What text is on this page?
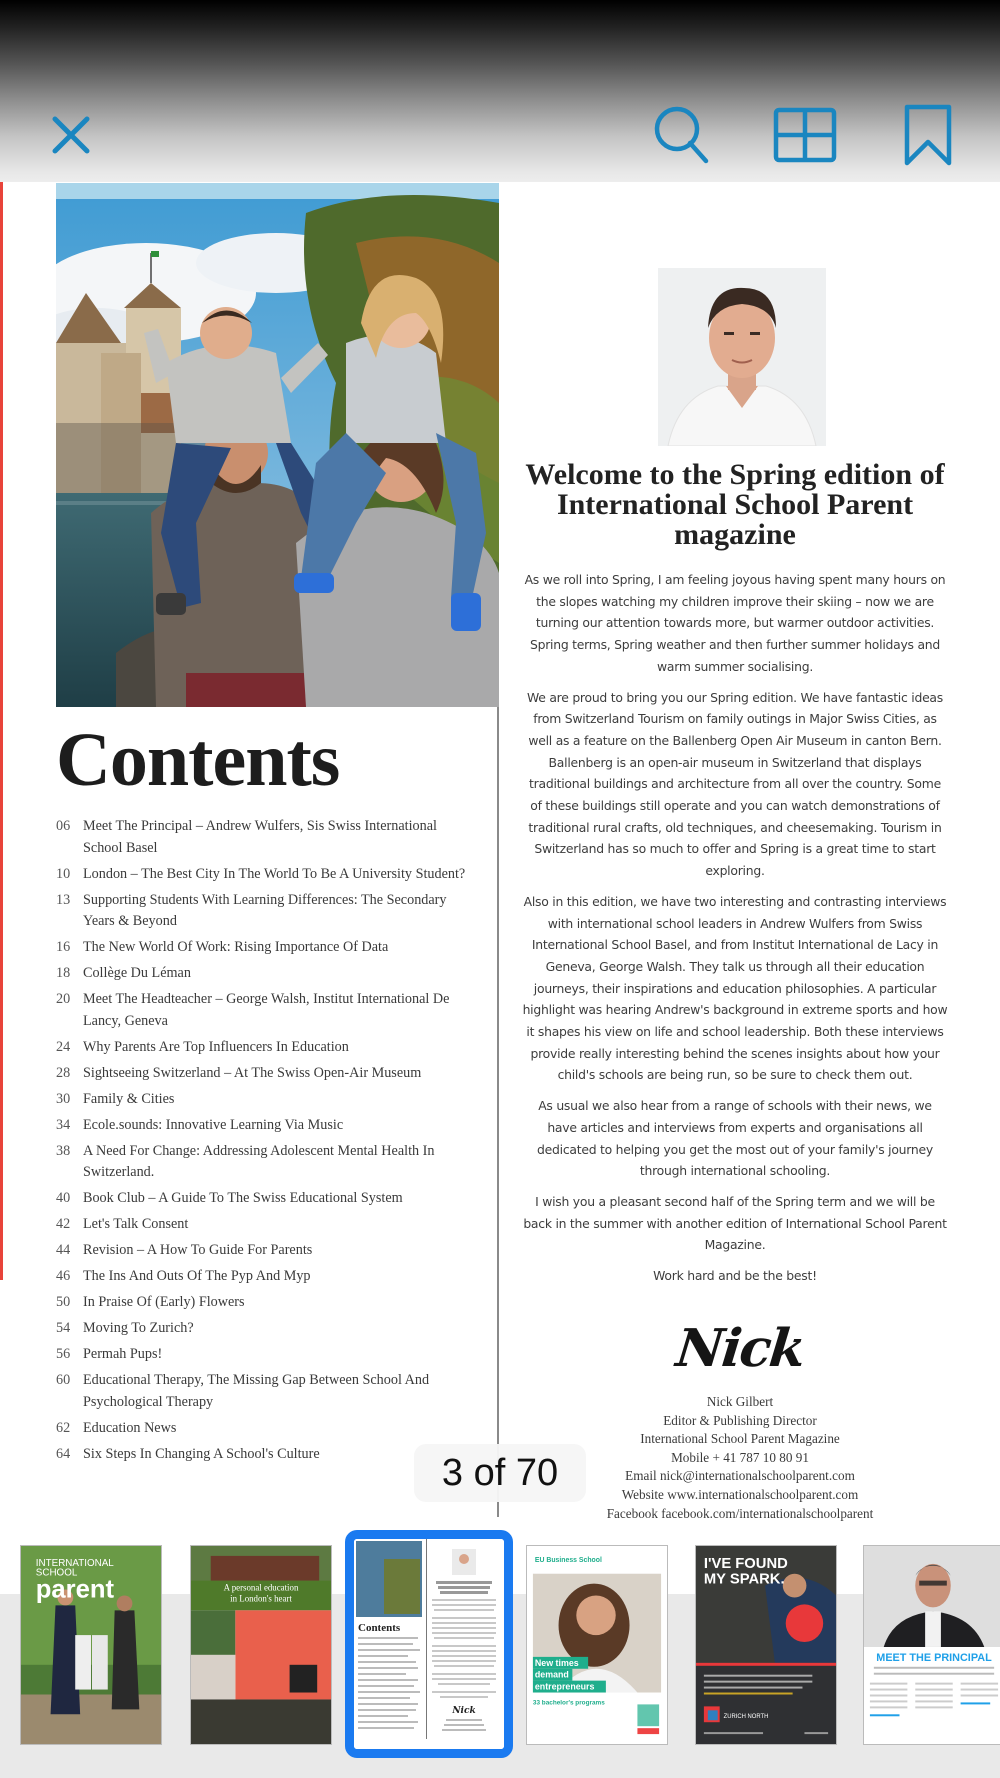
Contents
06 Meet The Principal – Andrew Wulfers, Sis Swiss International School Basel
10 London – The Best City In The World To Be A University Student?
13 Supporting Students With Learning Differences: The Secondary Years & Beyond
16 The New World Of Work: Rising Importance Of Data
18 Collège Du Léman
20 Meet The Headteacher – George Walsh, Institut International De Lancy, Geneva
24 Why Parents Are Top Influencers In Education
28 Sightseeing Switzerland – At The Swiss Open-Air Museum
30 Family & Cities
34 Ecole.sounds: Innovative Learning Via Music
38 A Need For Change: Addressing Adolescent Mental Health In Switzerland.
40 Book Club – A Guide To The Swiss Educational System
42 Let's Talk Consent
44 Revision – A How To Guide For Parents
46 The Ins And Outs Of The Pyp And Myp
50 In Praise Of (Early) Flowers
54 Moving To Zurich?
56 Permah Pups!
60 Educational Therapy, The Missing Gap Between School And Psychological Therapy
62 Education News
64 Six Steps In Changing A School's Culture
Welcome to the Spring edition of International School Parent magazine

As we roll into Spring, I am feeling joyous having spent many hours on the slopes watching my children improve their skiing – now we are turning our attention towards more, but warmer outdoor activities. Spring terms, Spring weather and then further summer holidays and warm summer socialising.

We are proud to bring you our Spring edition. We have fantastic ideas from Switzerland Tourism on family outings in Major Swiss Cities, as well as a feature on the Ballenberg Open Air Museum in canton Bern. Ballenberg is an open-air museum in Switzerland that displays traditional buildings and architecture from all over the country. Some of these buildings still operate and you can watch demonstrations of traditional rural crafts, old techniques, and cheesemaking. Tourism in Switzerland has so much to offer and Spring is a great time to start exploring.

Also in this edition, we have two interesting and contrasting interviews with international school leaders in Andrew Wulfers from Swiss International School Basel, and from Institut International de Lacy in Geneva, George Walsh. They talk us through all their education journeys, their inspirations and education philosophies. A particular highlight was hearing Andrew's background in extreme sports and how it shapes his view on life and school leadership. Both these interviews provide really interesting behind the scenes insights about how your child's schools are being run, so be sure to check them out.

As usual we also hear from a range of schools with their news, we have articles and interviews from experts and organisations all dedicated to helping you get the most out of your family's journey through international schooling.

I wish you a pleasant second half of the Spring term and we will be back in the summer with another edition of International School Parent Magazine.

Work hard and be the best!

Nick
Nick Gilbert
Editor & Publishing Director
International School Parent Magazine
Mobile + 41 787 10 80 91
Email nick@internationalschoolparent.com
Website www.internationalschoolparent.com
Facebook facebook.com/internationalschoolparent
3 of 70
INTERNATIONAL
SCHOOL
parent	A personal education
in London's heart
Contents
Nick
EU Business School
New times
demand
entrepreneurs
33 bachelor's programs
I'VE FOUND
MY SPARK.
ZURICH NORTH
MEET THE PRINCIPAL
